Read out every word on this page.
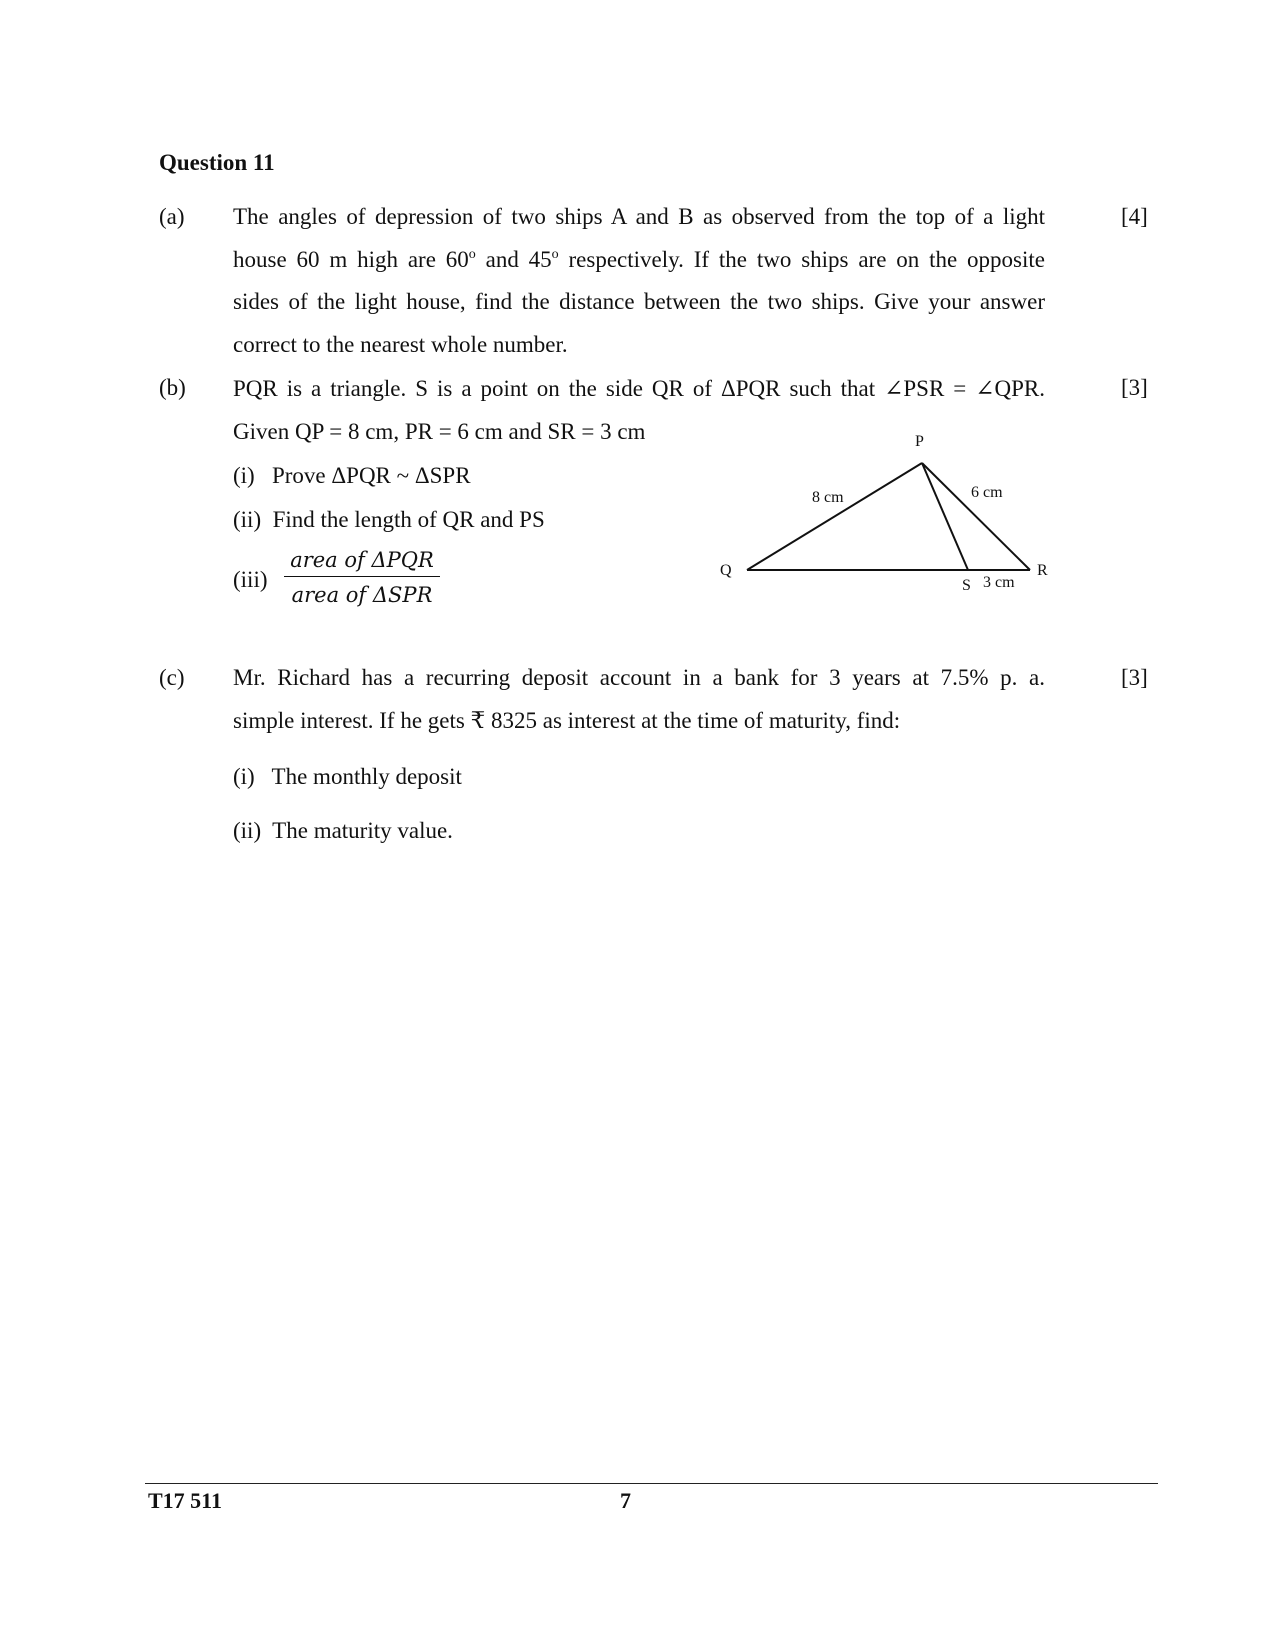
Question 11
(a)	[4]
The angles of depression of two ships A and B as observed from the top of a light
house 60 m high are 60$^o$ and 45$^o$ respectively. If the two ships are on the opposite
sides of the light house, find the distance between the two ships. Give your answer
correct to the nearest whole number.
(b)	[3]
PQR is a triangle. S is a point on the side QR of ΔPQR such that ∠PSR = ∠QPR.
Given QP = 8 cm, PR = 6 cm and SR = 3 cm
(i)   Prove ΔPQR ~ ΔSPR
(ii)  Find the length of QR and PS
(iii)
area of ΔPQR
area of ΔSPR
P
Q	R
S
8 cm	6 cm
3 cm
(c)	[3]
Mr. Richard has a recurring deposit account in a bank for 3 years at 7.5% p. a.
simple interest. If he gets ₹ 8325 as interest at the time of maturity, find:
(i)   The monthly deposit
(ii)  The maturity value.
T17 511	7
